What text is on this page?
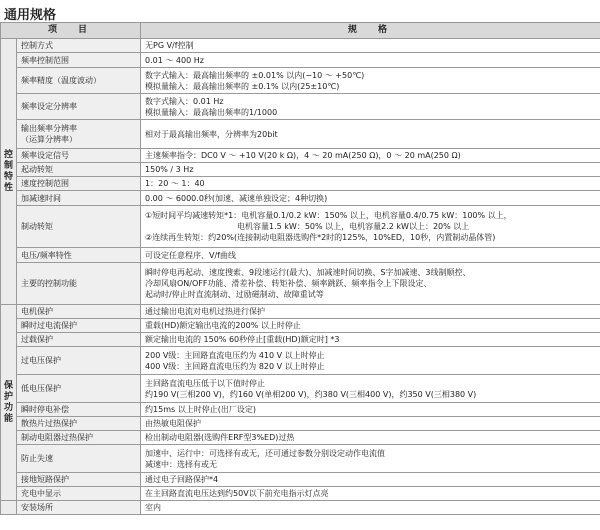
通用规格
项　目		规　格
控制特性	控制方式	无PG V/f控制
	频率控制范围	0.01 ～ 400 Hz
	频率精度（温度波动）	数字式输入：最高输出频率的 ±0.01% 以内(−10 ～ +50℃)
模拟量输入：最高输出频率的 ±0.1% 以内(25±10℃)

	频率设定分辨率	数字式输入：0.01 Hz
模拟量输入：最高输出频率的1/1000

	输出频率分辨率
（运算分辨率）	相对于最高输出频率，分辨率为20bit
	频率设定信号	主速频率指令：DC0 V ～ +10 V(20 k Ω)，4 ～ 20 mA(250 Ω)，0 ～ 20 mA(250 Ω)
	起动转矩	150% / 3 Hz
	速度控制范围	1：20 ～ 1：40
	加减速时间	0.00 ～ 6000.0秒(加速、减速单独设定；4种切换)
	制动转矩	①短时间平均减速转矩*1：电机容量0.1/0.2 kW：150% 以上，电机容量0.4/0.75 kW：100% 以上，
电机容量1.5 kW：50% 以上，电机容量2.2 kW以上：20% 以上
②连续再生转矩：约20%(连接制动电阻器选购件*2时的125%，10%ED，10秒，内置制动晶体管)

	电压/频率特性	可设定任意程序、V/f曲线
	主要的控制功能	瞬时停电再起动、速度搜索、9段速运行(最大)、加减速时间切换、S字加减速、3线制顺控、
冷却风扇ON/OFF功能、滑差补偿、转矩补偿、频率跳跃、频率指令上下限设定、
起动时/停止时直流制动、过励磁制动、故障重试等

保护功能	电机保护	通过输出电流对电机过热进行保护
	瞬时过电流保护	重载(HD)额定输出电流的200% 以上时停止
	过载保护	额定输出电流的 150% 60秒停止[重载(HD)额定时] *3
	过电压保护	200 V级：主回路直流电压约为 410 V 以上时停止
400 V级：主回路直流电压约为 820 V 以上时停止

	低电压保护	主回路直流电压低于以下值时停止
约190 V(三相200 V)，约160 V(单相200 V)，约380 V(三相400 V)，约350 V(三相380 V)

	瞬时停电补偿	约15ms 以上时停止(出厂设定)
	散热片过热保护	由热敏电阻保护
	制动电阻器过热保护	检出制动电阻器(选购件ERF型3%ED)过热
	防止失速	加速中、运行中：可选择有或无，还可通过参数分别设定动作电流值
减速中：选择有或无

	接地短路保护	通过电子回路保护*4
	充电中显示	在主回路直流电压达到约50V以下前充电指示灯点亮
	安装场所	室内
